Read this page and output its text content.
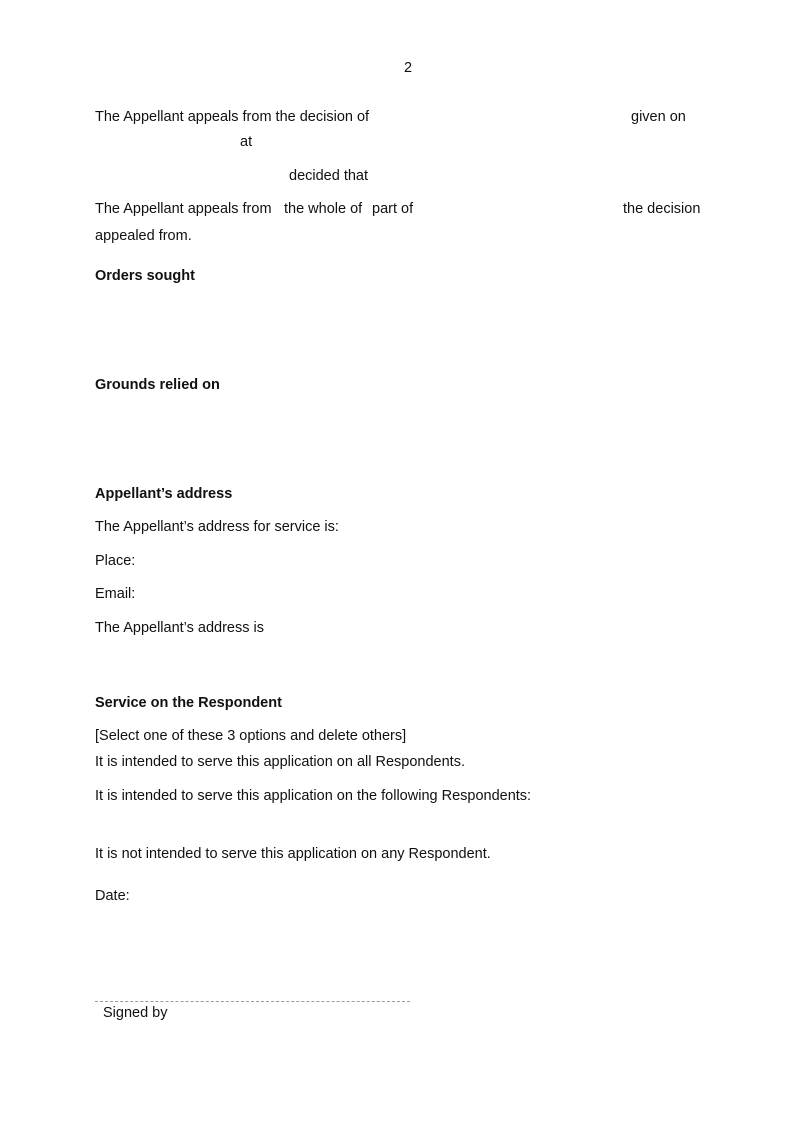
2
The Appellant appeals from the decision of	given on
at
decided that
The Appellant appeals from the whole of part of	the decision
appealed from.
Orders sought
Grounds relied on
Appellant’s address
The Appellant’s address for service is:
Place:
Email:
The Appellant’s address is
Service on the Respondent
[Select one of these 3 options and delete others]
It is intended to serve this application on all Respondents.
It is intended to serve this application on the following Respondents:
It is not intended to serve this application on any Respondent.
Date:
Signed by
